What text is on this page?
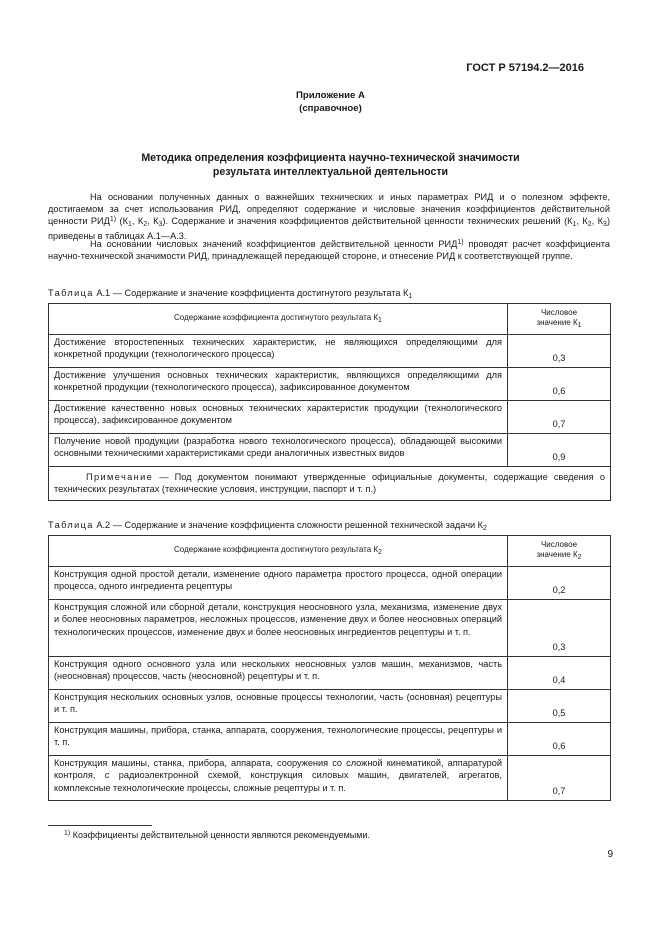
ГОСТ Р 57194.2—2016
Приложение А
(справочное)
Методика определения коэффициента научно-технической значимости
результата интеллектуальной деятельности

На основании полученных данных о важнейших технических и иных параметрах РИД и о полезном эффекте, достигаемом за счет использования РИД, определяют содержание и числовые значения коэффициентов действительной ценности РИД$^{1)}$ ($К_1$, $К_2$, $К_3$). Содержание и значения коэффициентов действительной ценности технических решений ($К_1$, $К_2$, $К_3$) приведены в таблицах А.1—А.3.

На основании числовых значений коэффициентов действительной ценности РИД$^{1)}$ проводят расчет коэффициента научно-технической значимости РИД, принадлежащей передающей стороне, и отнесение РИД к соответствующей группе.

Таблица А.1 — Содержание и значение коэффициента достигнутого результата $К_1$
Содержание коэффициента достигнутого результата $К_1$	Числовое
значение $К_1$
Достижение второстепенных технических характеристик, не являющихся определяющими для конкретной продукции (технологического процесса)	0,3
Достижение улучшения основных технических характеристик, являющихся определяющими для конкретной продукции (технологического процесса), зафиксированное документом	0,6
Достижение качественно новых основных технических характеристик продукции (технологического процесса), зафиксированное документом	0,7
Получение новой продукции (разработка нового технологического процесса), обладающей высокими основными техническими характеристиками среди аналогичных известных видов	0,9
Примечание — Под документом понимают утвержденные официальные документы, содержащие сведения о технических результатах (технические условия, инструкции, паспорт и т. п.)	
Таблица А.2 — Содержание и значение коэффициента сложности решенной технической задачи $К_2$
Содержание коэффициента достигнутого результата $К_2$	Числовое
значение $К_2$
Конструкция одной простой детали, изменение одного параметра простого процесса, одной операции процесса, одного ингредиента рецептуры	0,2
Конструкция сложной или сборной детали, конструкция неосновного узла, механизма, изменение двух и более неосновных параметров, несложных процессов, изменение двух и более неосновных операций технологических процессов, изменение двух и более неосновных ингредиентов рецептуры и т. п.	0,3
Конструкция одного основного узла или нескольких неосновных узлов машин, механизмов, часть (неосновная) процессов, часть (неосновной) рецептуры и т. п.	0,4
Конструкция нескольких основных узлов, основные процессы технологии, часть (основная) рецептуры и т. п.	0,5
Конструкция машины, прибора, станка, аппарата, сооружения, технологические процессы, рецептуры и т. п.	0,6
Конструкция машины, станка, прибора, аппарата, сооружения со сложной кинематикой, аппаратурой контроля, с радиоэлектронной схемой, конструкция силовых машин, двигателей, агрегатов, комплексные технологические процессы, сложные рецептуры и т. п.	0,7
$^{1)}$ Коэффициенты действительной ценности являются рекомендуемыми.
9
